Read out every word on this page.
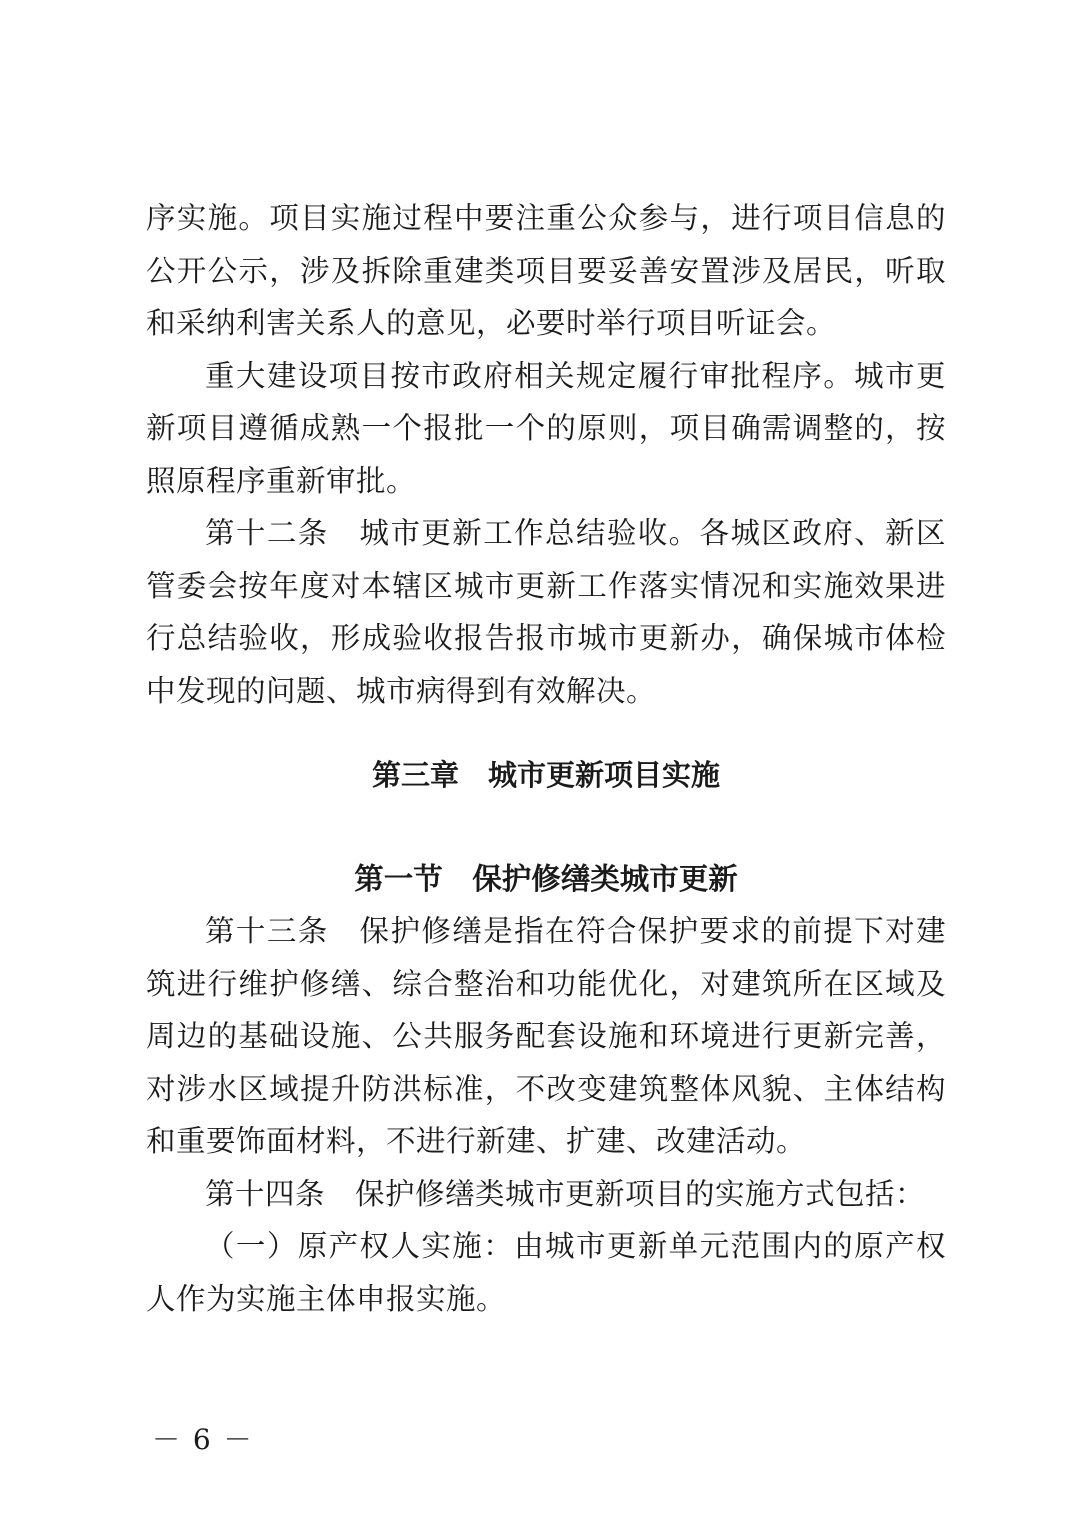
序实施。项目实施过程中要注重公众参与，进行项目信息的公开公示，涉及拆除重建类项目要妥善安置涉及居民，听取和采纳利害关系人的意见，必要时举行项目听证会。

重大建设项目按市政府相关规定履行审批程序。城市更新项目遵循成熟一个报批一个的原则，项目确需调整的，按照原程序重新审批。

第十二条　城市更新工作总结验收。各城区政府、新区管委会按年度对本辖区城市更新工作落实情况和实施效果进行总结验收，形成验收报告报市城市更新办，确保城市体检中发现的问题、城市病得到有效解决。

第三章　城市更新项目实施
第一节　保护修缮类城市更新

第十三条　保护修缮是指在符合保护要求的前提下对建筑进行维护修缮、综合整治和功能优化，对建筑所在区域及周边的基础设施、公共服务配套设施和环境进行更新完善，对涉水区域提升防洪标准，不改变建筑整体风貌、主体结构和重要饰面材料，不进行新建、扩建、改建活动。

第十四条　保护修缮类城市更新项目的实施方式包括：

（一）原产权人实施：由城市更新单元范围内的原产权人作为实施主体申报实施。

－ 6 －
